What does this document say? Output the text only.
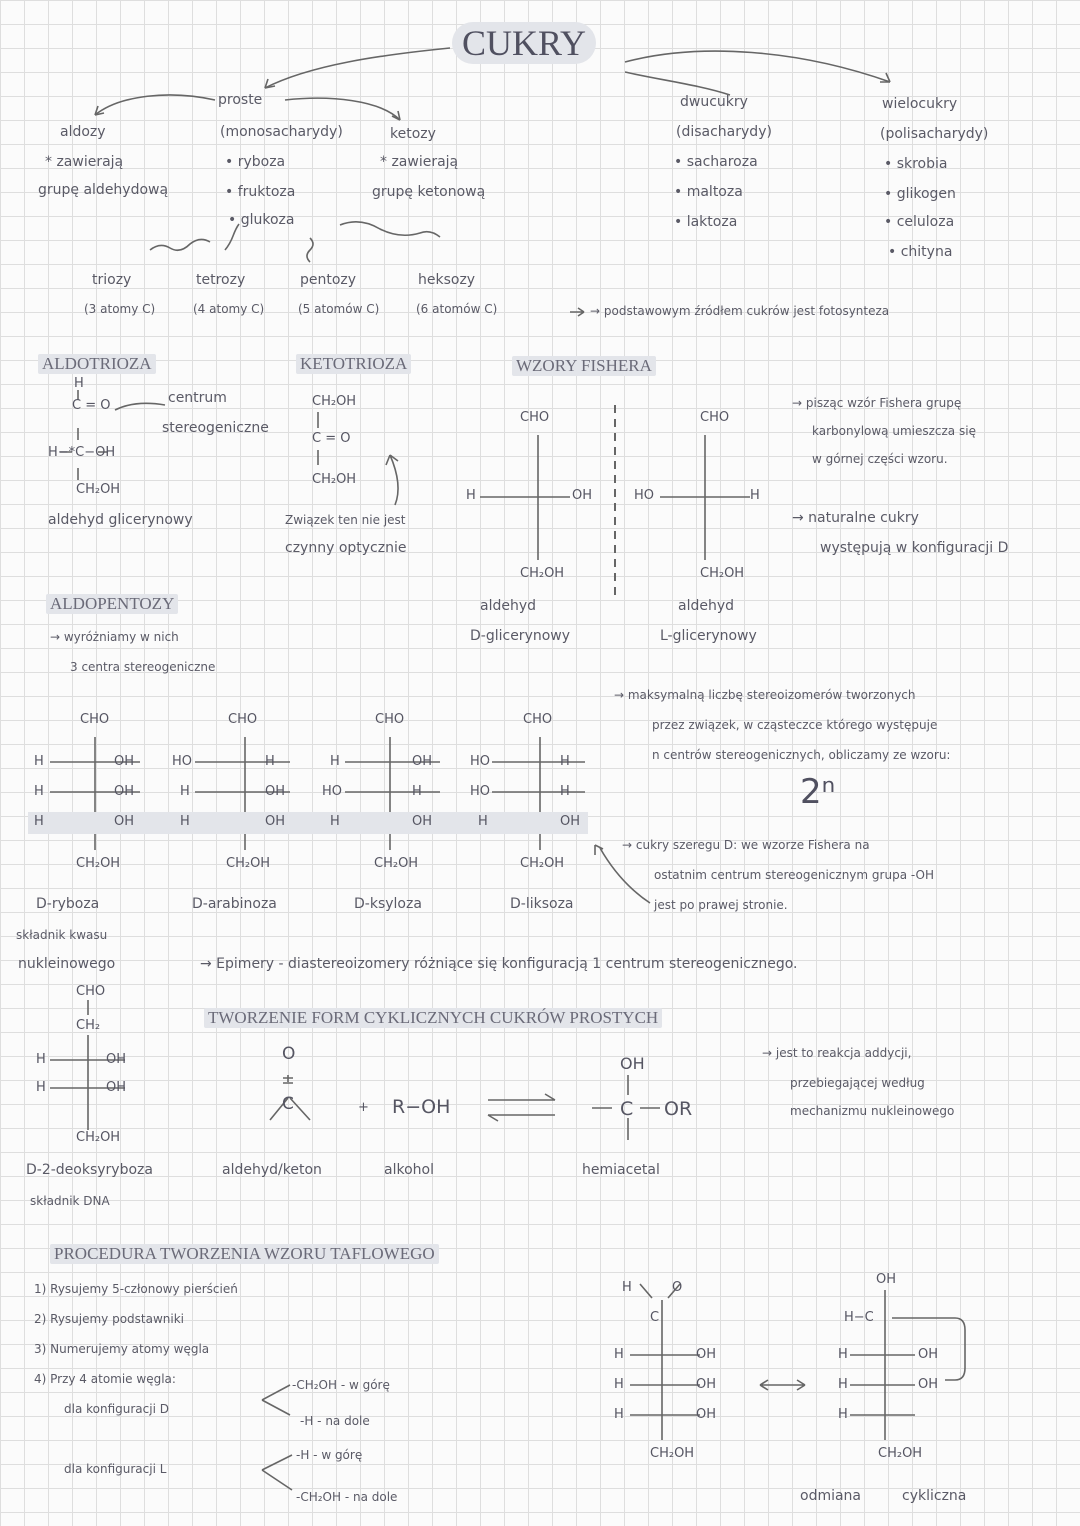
CUKRY
proste
(monosacharydy)
• ryboza
• fruktoza
• glukoza
aldozy
* zawierają
grupę aldehydową
ketozy
* zawierają
grupę ketonową
dwucukry
(disacharydy)
• sacharoza
• maltoza
• laktoza
wielocukry
(polisacharydy)
• skrobia
• glikogen
• celuloza
• chityna
triozy
(3 atomy C)
tetrozy
(4 atomy C)
pentozy
(5 atomów C)
heksozy
(6 atomów C)	→ podstawowym źródłem cukrów jest fotosynteza
ALDOTRIOZA
H
C = O
H−*C−OH
CH₂OH
centrum
stereogeniczne
aldehyd glicerynowy
KETOTRIOZA
CH₂OH
C = O
CH₂OH
Związek ten nie jest
czynny optycznie
WZORY FISHERA
CHO
H	OH
CH₂OH
aldehyd
D-glicerynowy
CHO
HO	H
CH₂OH
aldehyd
L-glicerynowy
→ pisząc wzór Fishera grupę
karbonylową umieszcza się
w górnej części wzoru.
→ naturalne cukry
występują w konfiguracji D
ALDOPENTOZY
→ wyróżniamy w nich
3 centra stereogeniczne
CHO
H	OH
H	OH
H	OH
CH₂OH
CHO
HO	H
H	OH
H	OH
CH₂OH
CHO
H	OH
HO	H
H	OH
CH₂OH
CHO
HO	H
HO	H
H	OH
CH₂OH
D-ryboza	D-arabinoza	D-ksyloza	D-liksoza
składnik kwasu
nukleinowego
→ maksymalną liczbę stereoizomerów tworzonych
przez związek, w cząsteczce którego występuje
n centrów stereogenicznych, obliczamy ze wzoru:
2ⁿ
→ cukry szeregu D: we wzorze Fishera na
ostatnim centrum stereogenicznym grupa -OH
jest po prawej stronie.
→ Epimery - diastereoizomery różniące się konfiguracją 1 centrum stereogenicznego.
CHO
CH₂
H	OH
H	OH
CH₂OH
D-2-deoksyryboza
składnik DNA
TWORZENIE FORM CYKLICZNYCH CUKRÓW PROSTYCH
O
C	+ R−OH
OH
C OR
aldehyd/keton	alkohol	hemiacetal
→ jest to reakcja addycji,
przebiegającej według
mechanizmu nukleinowego
PROCEDURA TWORZENIA WZORU TAFLOWEGO
1) Rysujemy 5-członowy pierścień
2) Rysujemy podstawniki
3) Numerujemy atomy węgla
4) Przy 4 atomie węgla:
dla konfiguracji D
-CH₂OH - w górę
-H - na dole
dla konfiguracji L
-H - w górę
-CH₂OH - na dole
H	O
C
H	OH
H	OH
H	OH
CH₂OH
OH
H−C
H	OH
H	OH
H
CH₂OH
odmiana	cykliczna
